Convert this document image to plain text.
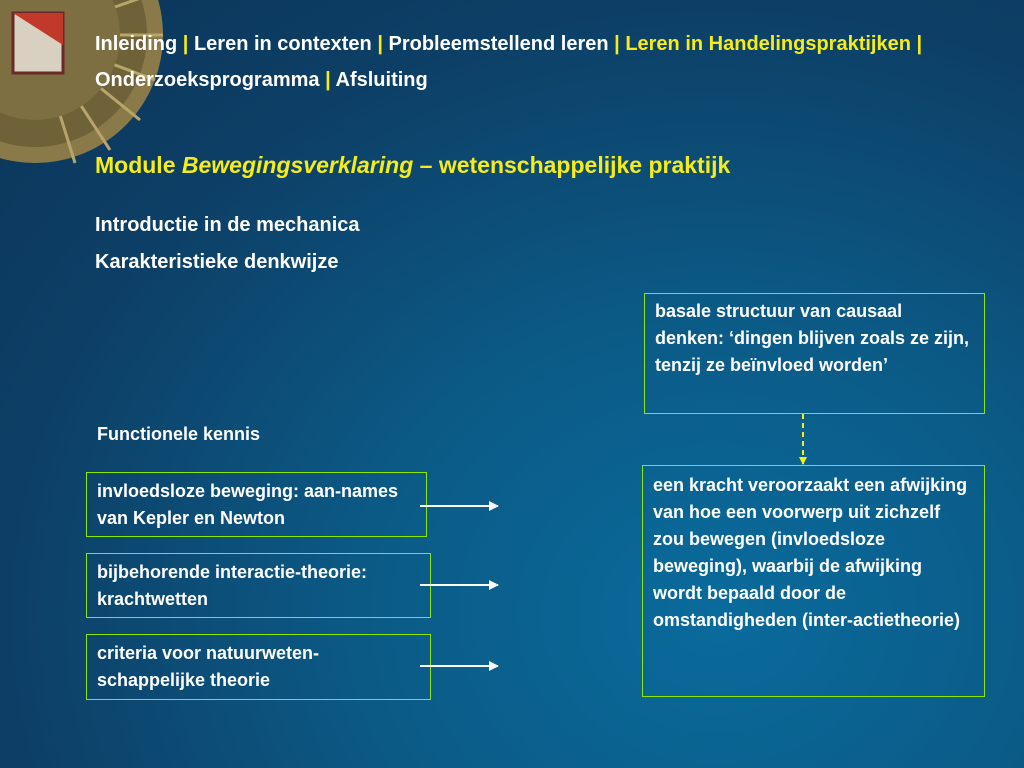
Inleiding | Leren in contexten | Probleemstellend leren | Leren in Handelingspraktijken | Onderzoeksprogramma | Afsluiting
Module Bewegingsverklaring – wetenschappelijke praktijk
Introductie in de mechanica
Karakteristieke denkwijze
basale structuur van causaal denken: ‘dingen blijven zoals ze zijn, tenzij ze beïnvloed worden’
Functionele kennis
invloedsloze beweging: aan-names van Kepler en Newton
bijbehorende interactie-theorie: krachtwetten
criteria voor natuurweten-schappelijke theorie
een kracht veroorzaakt een afwijking van hoe een voorwerp uit zichzelf zou bewegen (invloedsloze beweging), waarbij de afwijking wordt bepaald door de omstandigheden (inter-actietheorie)
